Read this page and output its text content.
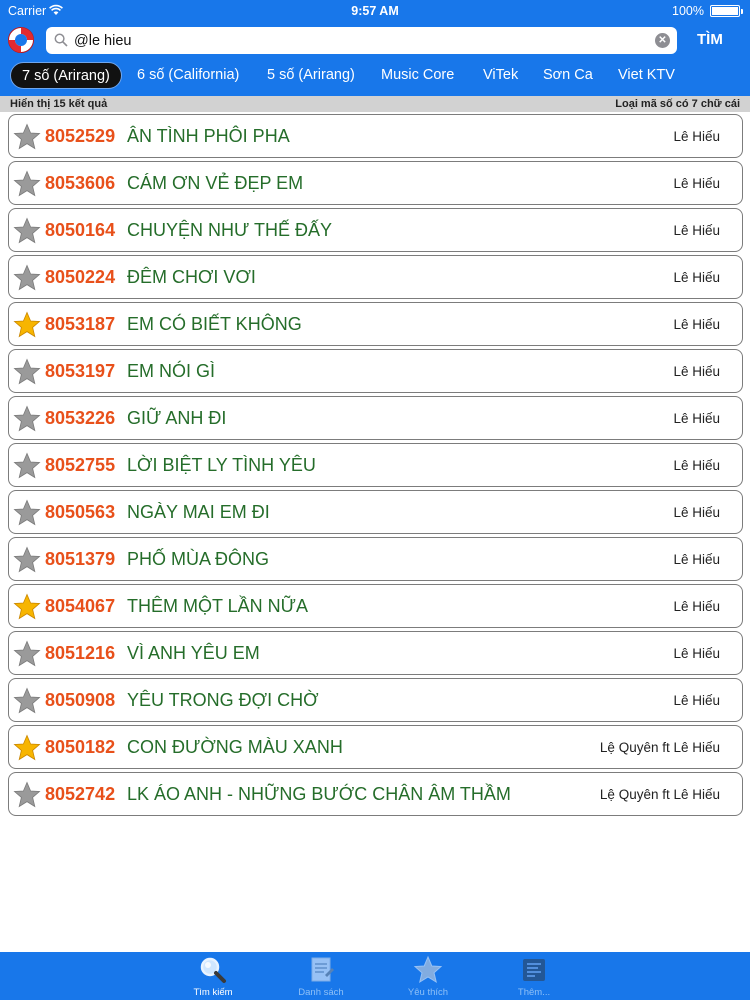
Carrier	9:57 AM	100%
@le hieu
✕ TÌM
7 số (Arirang)	6 số (California)	5 số (Arirang)	Music Core	ViTek	Sơn Ca	Viet KTV
Hiển thị 15 kết quả	Loại mã số có 7 chữ cái
8052529 ÂN TÌNH PHÔI PHA	Lê Hiếu
8053606 CÁM ƠN VẺ ĐẸP EM	Lê Hiếu
8050164 CHUYỆN NHƯ THẾ ĐẤY	Lê Hiếu
8050224 ĐÊM CHƠI VƠI	Lê Hiếu
8053187 EM CÓ BIẾT KHÔNG	Lê Hiếu
8053197 EM NÓI GÌ	Lê Hiếu
8053226 GIỮ ANH ĐI	Lê Hiếu
8052755 LỜI BIỆT LY TÌNH YÊU	Lê Hiếu
8050563 NGÀY MAI EM ĐI	Lê Hiếu
8051379 PHỐ MÙA ĐÔNG	Lê Hiếu
8054067 THÊM MỘT LẦN NỮA	Lê Hiếu
8051216 VÌ ANH YÊU EM	Lê Hiếu
8050908 YÊU TRONG ĐỢI CHỜ	Lê Hiếu
8050182 CON ĐƯỜNG MÀU XANH	Lệ Quyên ft Lê Hiếu
8052742 LK ÁO ANH - NHỮNG BƯỚC CHÂN ÂM THẦM	Lệ Quyên ft Lê Hiếu
Tìm kiếm	Danh sách	Yêu thích	Thêm...
